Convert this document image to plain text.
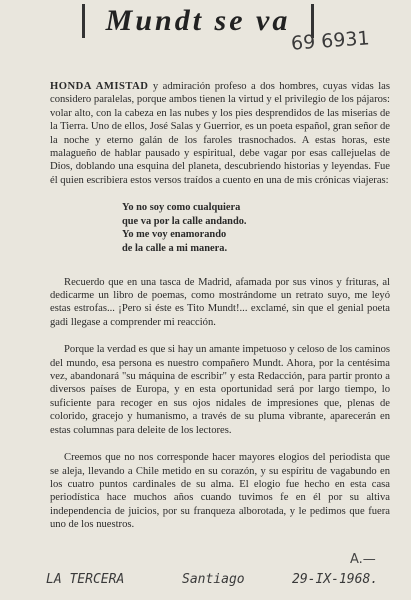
Mundt se va
69 6931

HONDA AMISTAD y admiración profeso a dos hombres, cuyas vidas las considero paralelas, porque ambos tienen la virtud y el privilegio de los pájaros: volar alto, con la cabeza en las nubes y los pies desprendidos de las miserias de la Tierra. Uno de ellos, José Salas y Guerrior, es un poeta español, gran señor de la noche y eterno galán de los faroles trasnochados. A estas horas, este malagueño de hablar pausado y espiritual, debe vagar por esas callejuelas de Dios, doblando una esquina del planeta, descubriendo historias y leyendas. Fue él quien escribiera estos versos traídos a cuento en una de mis crónicas viajeras:

Yo no soy como cualquiera
que va por la calle andando.
Yo me voy enamorando
de la calle a mi manera.

Recuerdo que en una tasca de Madrid, afamada por sus vinos y frituras, al dedicarme un libro de poemas, como mostrándome un retrato suyo, me leyó estas estrofas... ¡Pero si éste es Tito Mundt!... exclamé, sin que el genial poeta gadi llegase a comprender mi reacción.

Porque la verdad es que si hay un amante impetuoso y celoso de los caminos del mundo, esa persona es nuestro compañero Mundt. Ahora, por la centésima vez, abandonará "su máquina de escribir" y esta Redacción, para partir pronto a diversos países de Europa, y en esta oportunidad será por largo tiempo, lo suficiente para recoger en sus ojos nidales de impresiones que, plenas de colorido, gracejo y humanismo, a través de su pluma vibrante, aparecerán en estas columnas para deleite de los lectores.

Creemos que no nos corresponde hacer mayores elogios del periodista que se aleja, llevando a Chile metido en su corazón, y su espíritu de vagabundo en los cuatro puntos cardinales de su alma. El elogio fue hecho en esta casa periodística hace muchos años cuando tuvimos fe en él por su altiva independencia de juicios, por su franqueza alborotada, y le pedimos que fuera uno de los nuestros.

A.—
LA TERCERA	Santiago	29-IX-1968.
